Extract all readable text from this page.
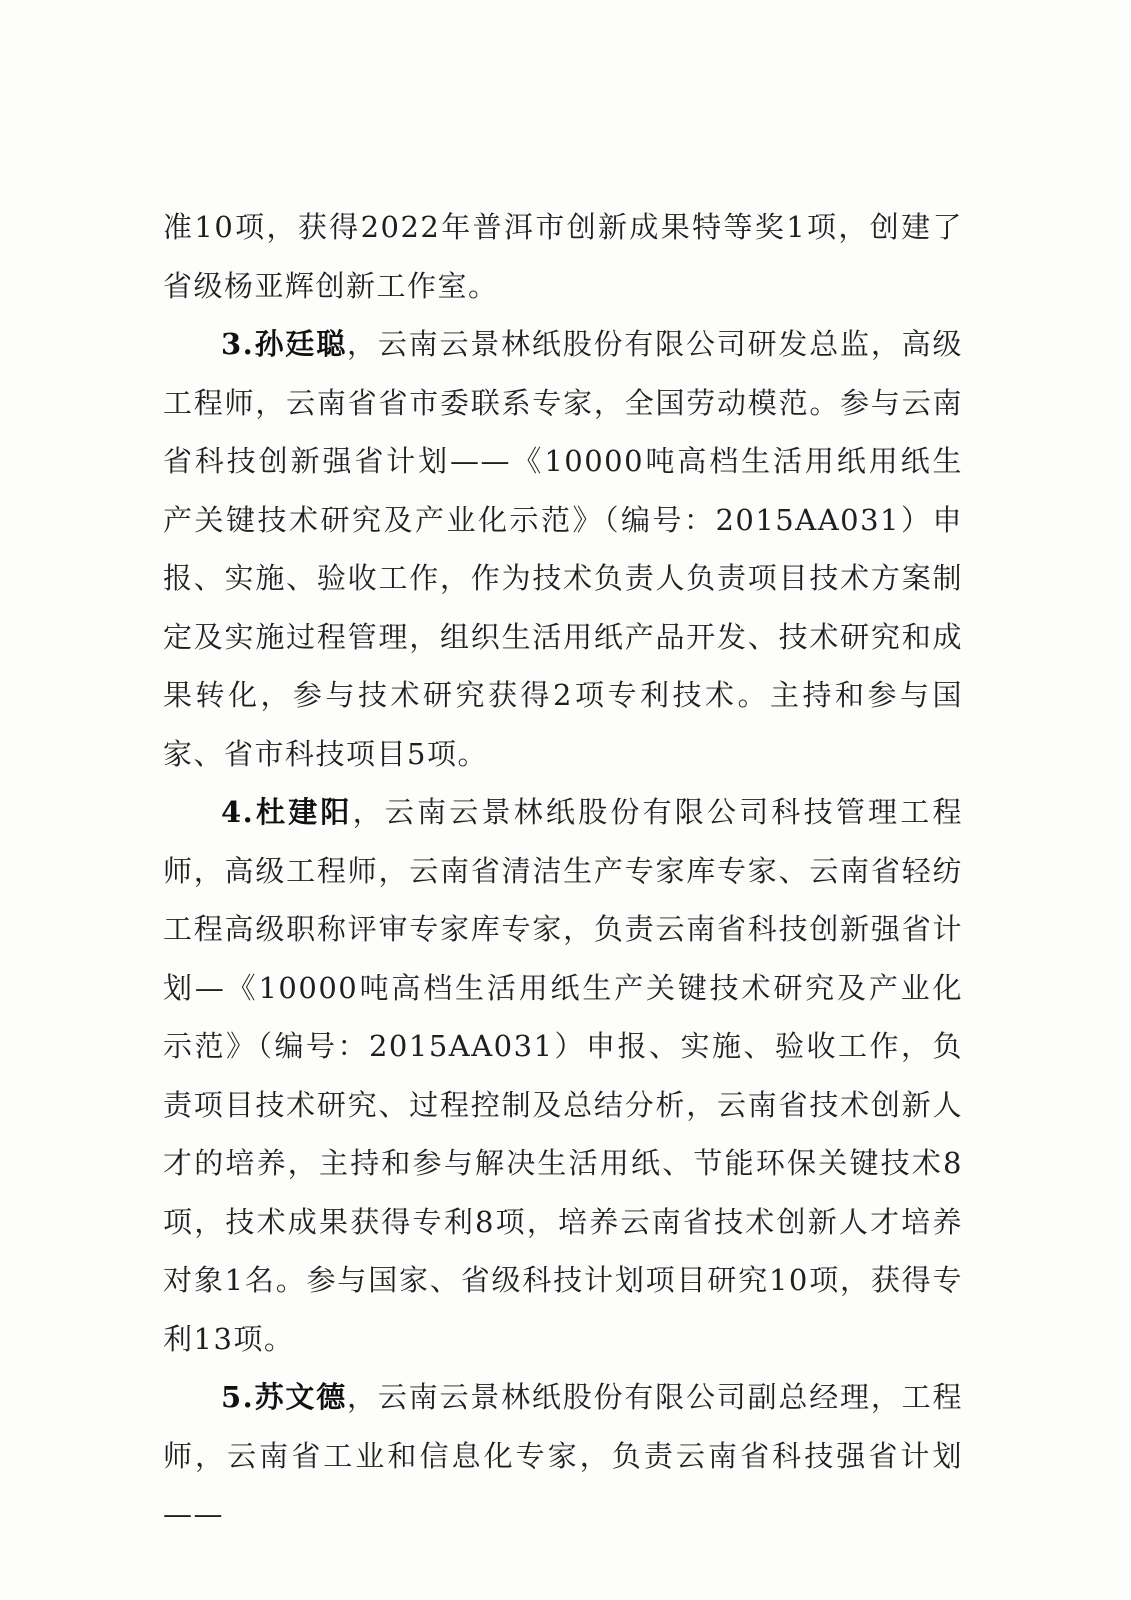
准10项，获得2022年普洱市创新成果特等奖1项，创建了省级杨亚辉创新工作室。

3.孙廷聪，云南云景林纸股份有限公司研发总监，高级工程师，云南省省市委联系专家，全国劳动模范。参与云南省科技创新强省计划——《10000吨高档生活用纸用纸生产关键技术研究及产业化示范》（编号：2015AA031）申报、实施、验收工作，作为技术负责人负责项目技术方案制定及实施过程管理，组织生活用纸产品开发、技术研究和成果转化，参与技术研究获得2项专利技术。主持和参与国家、省市科技项目5项。

4.杜建阳，云南云景林纸股份有限公司科技管理工程师，高级工程师，云南省清洁生产专家库专家、云南省轻纺工程高级职称评审专家库专家，负责云南省科技创新强省计划—《10000吨高档生活用纸生产关键技术研究及产业化示范》（编号：2015AA031）申报、实施、验收工作，负责项目技术研究、过程控制及总结分析，云南省技术创新人才的培养，主持和参与解决生活用纸、节能环保关键技术8项，技术成果获得专利8项，培养云南省技术创新人才培养对象1名。参与国家、省级科技计划项目研究10项，获得专利13项。

5.苏文德，云南云景林纸股份有限公司副总经理，工程师，云南省工业和信息化专家，负责云南省科技强省计划——
